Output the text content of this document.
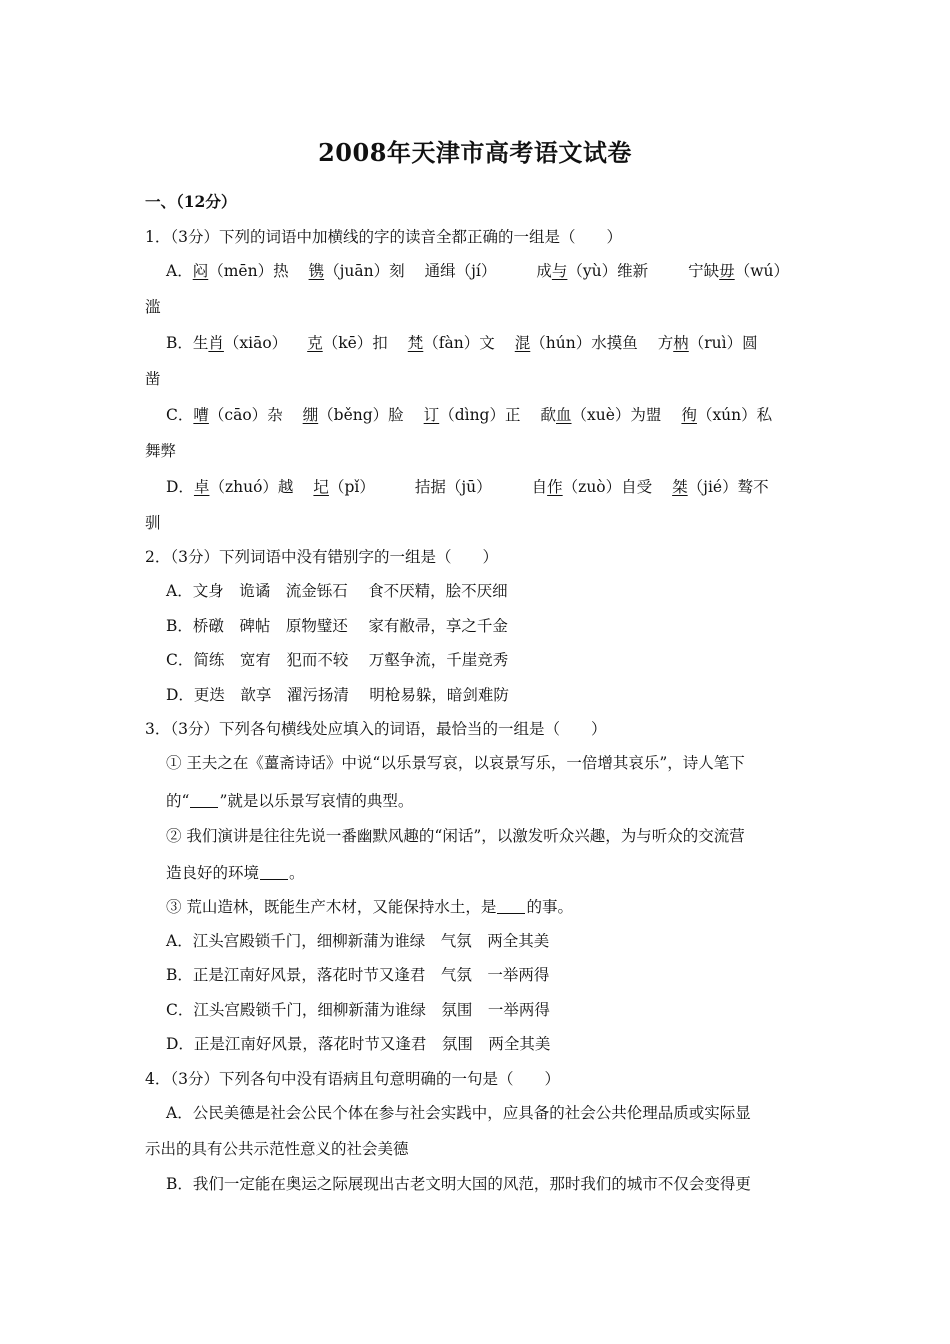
2008年天津市高考语文试卷
一、（12分）
1．（3分）下列的词语中加横线的字的读音全都正确的一组是（　　）
A．闷（mēn）热 镌（juān）刻 通缉（jí）	成与（yù）维新	宁缺毋（wú）
滥
B．生肖（xiāo） 克（kē）扣 梵（fàn）文 混（hún）水摸鱼 方枘（ruì）圆
凿
C．嘈（cāo）杂 绷（běng）脸 订（dìng）正 歃血（xuè）为盟 徇（xún）私
舞弊
D．卓（zhuó）越 圮（pǐ）	拮据（jū）	自作（zuò）自受 桀（jié）骜不
驯
2．（3分）下列词语中没有错别字的一组是（　　）
A．文身　诡谲　流金铄石　 食不厌精，脍不厌细
B．桥礅　碑帖　原物璧还　 家有敝帚，享之千金
C．简练　宽宥　犯而不较　 万壑争流，千崖竞秀
D．更迭　歆享　濯污扬清　 明枪易躲，暗剑难防
3．（3分）下列各句横线处应填入的词语，最恰当的一组是（　　）
① 王夫之在《薑斋诗话》中说“以乐景写哀，以哀景写乐，一倍增其哀乐”，诗人笔下
的“ ”就是以乐景写哀情的典型。
② 我们演讲是往往先说一番幽默风趣的“闲话”，以激发听众兴趣，为与听众的交流营
造良好的环境 。
③ 荒山造林，既能生产木材，又能保持水土，是 的事。
A．江头宫殿锁千门，细柳新蒲为谁绿　气氛　两全其美
B．正是江南好风景，落花时节又逢君　气氛　一举两得
C．江头宫殿锁千门，细柳新蒲为谁绿　氛围　一举两得
D．正是江南好风景，落花时节又逢君　氛围　两全其美
4．（3分）下列各句中没有语病且句意明确的一句是（　　）
A．公民美德是社会公民个体在参与社会实践中，应具备的社会公共伦理品质或实际显
示出的具有公共示范性意义的社会美德
B．我们一定能在奥运之际展现出古老文明大国的风范，那时我们的城市不仅会变得更
